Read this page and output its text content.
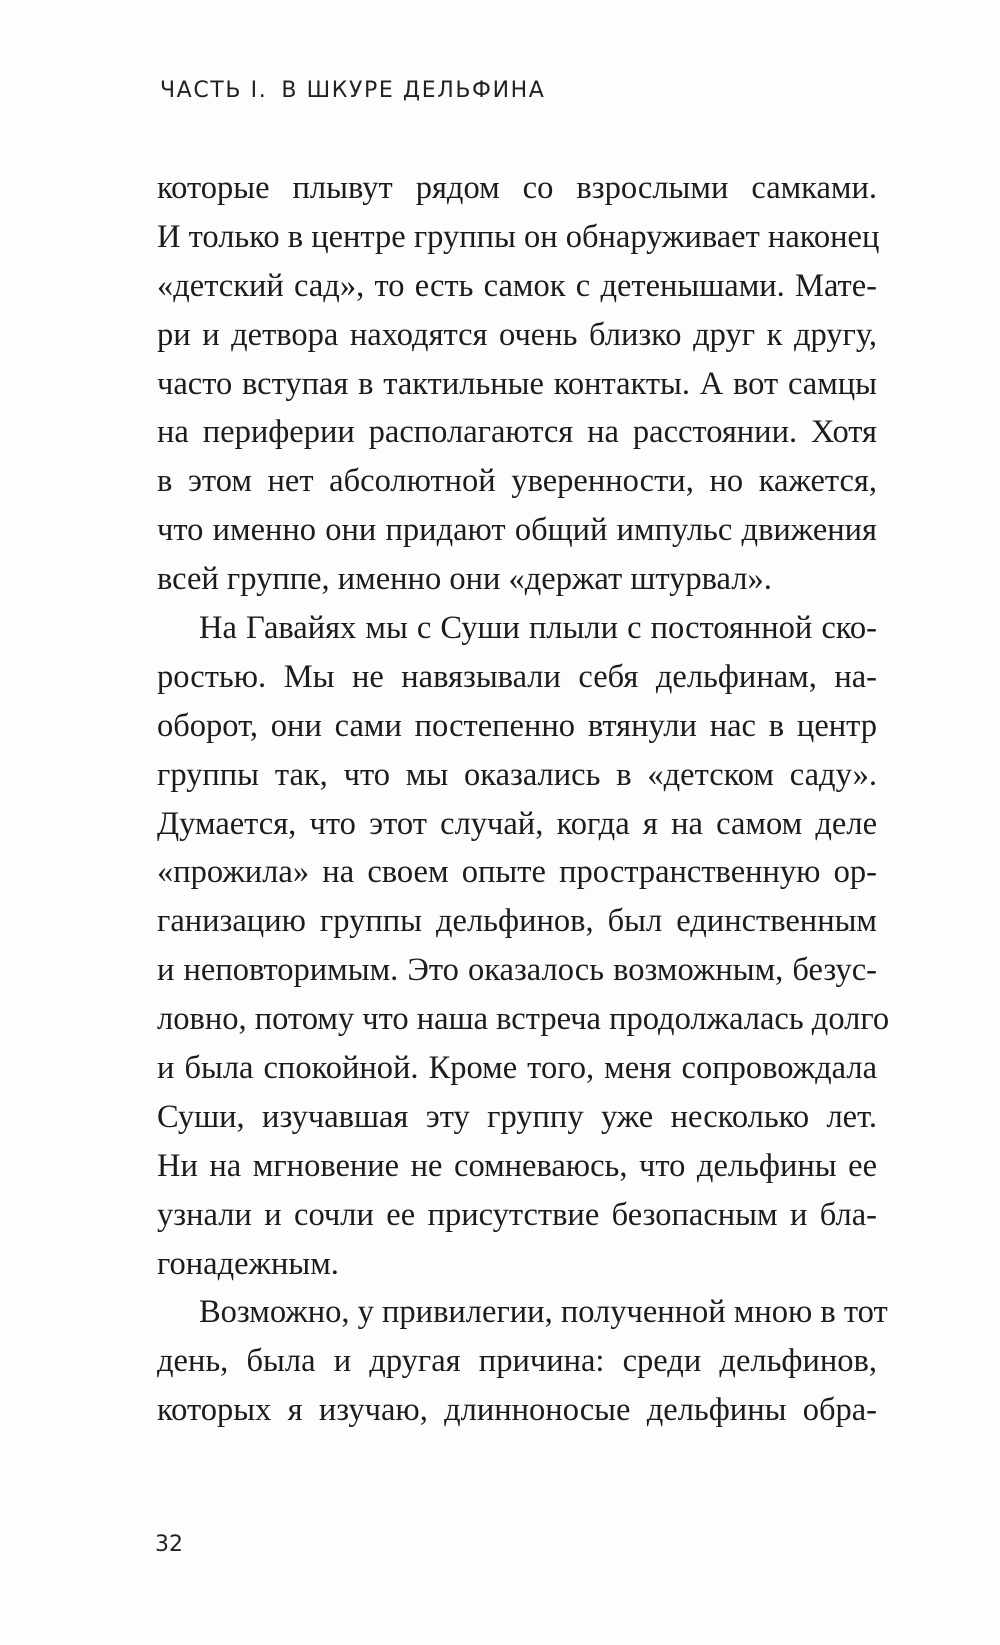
ЧАСТЬ I. В ШКУРЕ ДЕЛЬФИНА
которые плывут рядом со взрослыми самками.
И только в центре группы он обнаруживает наконец
«детский сад», то есть самок с детенышами. Мате-
ри и детвора находятся очень близко друг к другу,
часто вступая в тактильные контакты. А вот самцы
на периферии располагаются на расстоянии. Хотя
в этом нет абсолютной уверенности, но кажется,
что именно они придают общий импульс движения
всей группе, именно они «держат штурвал».
На Гавайях мы с Суши плыли с постоянной ско-
ростью. Мы не навязывали себя дельфинам, на-
оборот, они сами постепенно втянули нас в центр
группы так, что мы оказались в «детском саду».
Думается, что этот случай, когда я на самом деле
«прожила» на своем опыте пространственную ор-
ганизацию группы дельфинов, был единственным
и неповторимым. Это оказалось возможным, безус-
ловно, потому что наша встреча продолжалась долго
и была спокойной. Кроме того, меня сопровождала
Суши, изучавшая эту группу уже несколько лет.
Ни на мгновение не сомневаюсь, что дельфины ее
узнали и сочли ее присутствие безопасным и бла-
гонадежным.
Возможно, у привилегии, полученной мною в тот
день, была и другая причина: среди дельфинов,
которых я изучаю, длинноносые дельфины обра-
32
